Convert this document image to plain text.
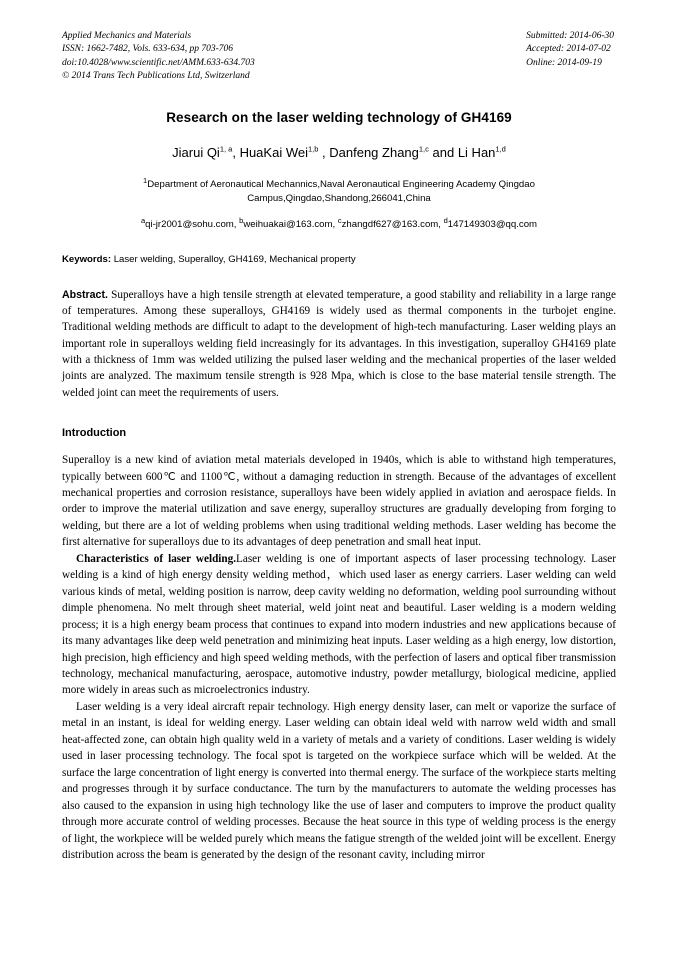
Applied Mechanics and Materials
ISSN: 1662-7482, Vols. 633-634, pp 703-706
doi:10.4028/www.scientific.net/AMM.633-634.703
© 2014 Trans Tech Publications Ltd, Switzerland
Submitted: 2014-06-30
Accepted: 2014-07-02
Online: 2014-09-19
Research on the laser welding technology of GH4169
Jiarui Qi$^{1, a}$, HuaKai Wei$^{1,b}$ , Danfeng Zhang$^{1,c}$ and Li Han$^{1,d}$
$^1$Department of Aeronautical Mechannics,Naval Aeronautical Engineering Academy Qingdao Campus,Qingdao,Shandong,266041,China
$^a$qi-jr2001@sohu.com, $^b$weihuakai@163.com, $^c$zhangdf627@163.com, $^d$147149303@qq.com
Keywords: Laser welding, Superalloy, GH4169, Mechanical property
Abstract. Superalloys have a high tensile strength at elevated temperature, a good stability and reliability in a large range of temperatures. Among these superalloys, GH4169 is widely used as thermal components in the turbojet engine. Traditional welding methods are difficult to adapt to the development of high-tech manufacturing. Laser welding plays an important role in superalloys welding field increasingly for its advantages. In this investigation, superalloy GH4169 plate with a thickness of 1mm was welded utilizing the pulsed laser welding and the mechanical properties of the laser welded joints are analyzed. The maximum tensile strength is 928 Mpa, which is close to the base material tensile strength. The welded joint can meet the requirements of users.
Introduction

Superalloy is a new kind of aviation metal materials developed in 1940s, which is able to withstand high temperatures, typically between 600℃ and 1100℃, without a damaging reduction in strength. Because of the advantages of excellent mechanical properties and corrosion resistance, superalloys have been widely applied in aviation and aerospace fields. In order to improve the material utilization and save energy, superalloy structures are gradually developing from forging to welding, but there are a lot of welding problems when using traditional welding methods. Laser welding has become the first alternative for superalloys due to its advantages of deep penetration and small heat input.

Characteristics of laser welding.Laser welding is one of important aspects of laser processing technology. Laser welding is a kind of high energy density welding method，which used laser as energy carriers. Laser welding can weld various kinds of metal, welding position is narrow, deep cavity welding no deformation, welding pool surrounding without dimple phenomena. No melt through sheet material, weld joint neat and beautiful. Laser welding is a modern welding process; it is a high energy beam process that continues to expand into modern industries and new applications because of its many advantages like deep weld penetration and minimizing heat inputs. Laser welding as a high energy, low distortion, high precision, high efficiency and high speed welding methods, with the perfection of lasers and optical fiber transmission technology, mechanical manufacturing, aerospace, automotive industry, powder metallurgy, biological medicine, applied more widely in areas such as microelectronics industry.

Laser welding is a very ideal aircraft repair technology. High energy density laser, can melt or vaporize the surface of metal in an instant, is ideal for welding energy. Laser welding can obtain ideal weld with narrow weld width and small heat-affected zone, can obtain high quality weld in a variety of metals and a variety of conditions. Laser welding is widely used in laser processing technology. The focal spot is targeted on the workpiece surface which will be welded. At the surface the large concentration of light energy is converted into thermal energy. The surface of the workpiece starts melting and progresses through it by surface conductance. The turn by the manufacturers to automate the welding processes has also caused to the expansion in using high technology like the use of laser and computers to improve the product quality through more accurate control of welding processes. Because the heat source in this type of welding process is the energy of light, the workpiece will be welded purely which means the fatigue strength of the welded joint will be excellent. Energy distribution across the beam is generated by the design of the resonant cavity, including mirror
